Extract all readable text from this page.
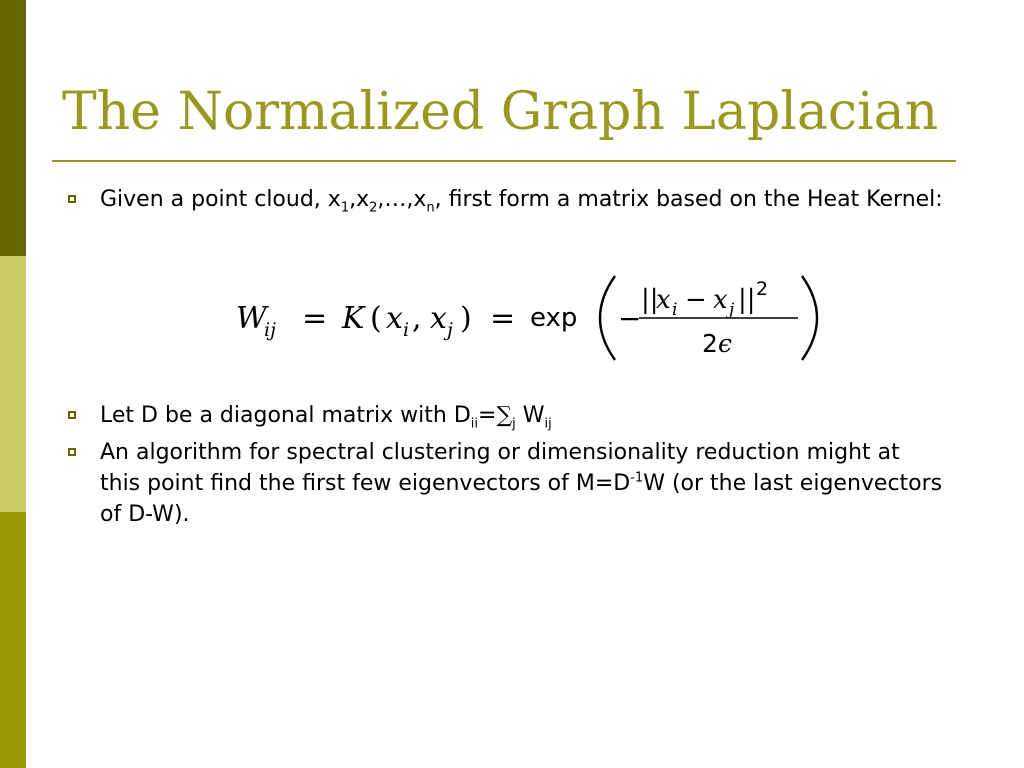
The Normalized Graph Laplacian
Given a point cloud, $x_1,x_2,\dots,x_n$, first form a matrix based on the Heat Kernel:
W
ij = K ( x i , x j ) = exp −
||
x i − x j || 2
2 ϵ
Let D be a diagonal matrix with $D_{ii}=\sum_j$ $W_{ij}$
An algorithm for spectral clustering or dimensionality reduction might at this point find the first few eigenvectors of $M=D^{-1}W$ (or the last eigenvectors of D-W).
